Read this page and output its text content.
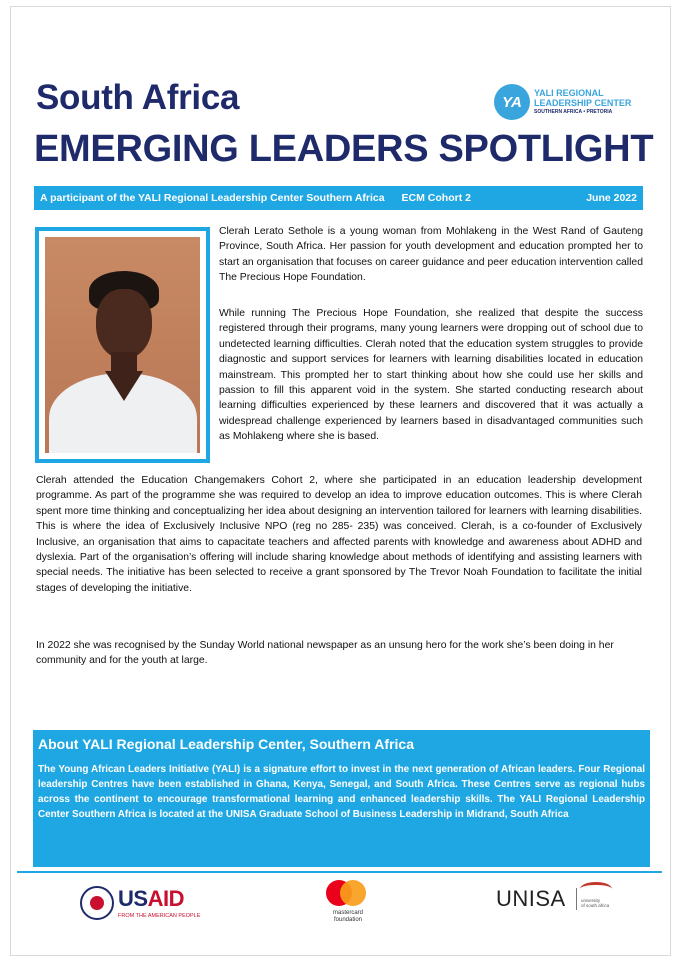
South Africa
EMERGING LEADERS SPOTLIGHT
YA
YALI REGIONAL
LEADERSHIP CENTER
SOUTHERN AFRICA • PRETORIA
A participant of the YALI Regional Leadership Center Southern Africa ECM Cohort 2	June 2022

Clerah Lerato Sethole is a young woman from Mohlakeng in the West Rand of Gauteng Province, South Africa. Her passion for youth development and education prompted her to start an organisation that focuses on career guidance and peer education intervention called The Precious Hope Foundation.

While running The Precious Hope Foundation, she realized that despite the success registered through their programs, many young learners were dropping out of school due to undetected learning difficulties. Clerah noted that the education system struggles to provide diagnostic and support services for learners with learning disabilities located in education mainstream. This prompted her to start thinking about how she could use her skills and passion to fill this apparent void in the system. She started conducting research about learning difficulties experienced by these learners and discovered that it was actually a widespread challenge experienced by learners based in disadvantaged communities such as Mohlakeng where she is based.

Clerah attended the Education Changemakers Cohort 2, where she participated in an education leadership development programme. As part of the programme she was required to develop an idea to improve education outcomes. This is where Clerah spent more time thinking and conceptualizing her idea about designing an intervention tailored for learners with learning disabilities. This is where the idea of Exclusively Inclusive NPO (reg no 285- 235) was conceived. Clerah, is a co-founder of Exclusively Inclusive, an organisation that aims to capacitate teachers and affected parents with knowledge and awareness about ADHD and dyslexia. Part of the organisation’s offering will include sharing knowledge about methods of identifying and assisting learners with special needs. The initiative has been selected to receive a grant sponsored by The Trevor Noah Foundation to facilitate the initial stages of developing the initiative.

In 2022 she was recognised by the Sunday World national newspaper as an unsung hero for the work she’s been doing in her community and for the youth at large.

About YALI Regional Leadership Center, Southern Africa
The Young African Leaders Initiative (YALI) is a signature effort to invest in the next generation of African leaders. Four Regional leadership Centres have been established in Ghana, Kenya, Senegal, and South Africa. These Centres serve as regional hubs across the continent to encourage transformational learning and enhanced leadership skills. The YALI Regional Leadership Center Southern Africa is located at the UNISA Graduate School of Business Leadership in Midrand, South Africa
USAID
FROM THE AMERICAN PEOPLE	mastercard
foundation
UNISA	university
of south africa
